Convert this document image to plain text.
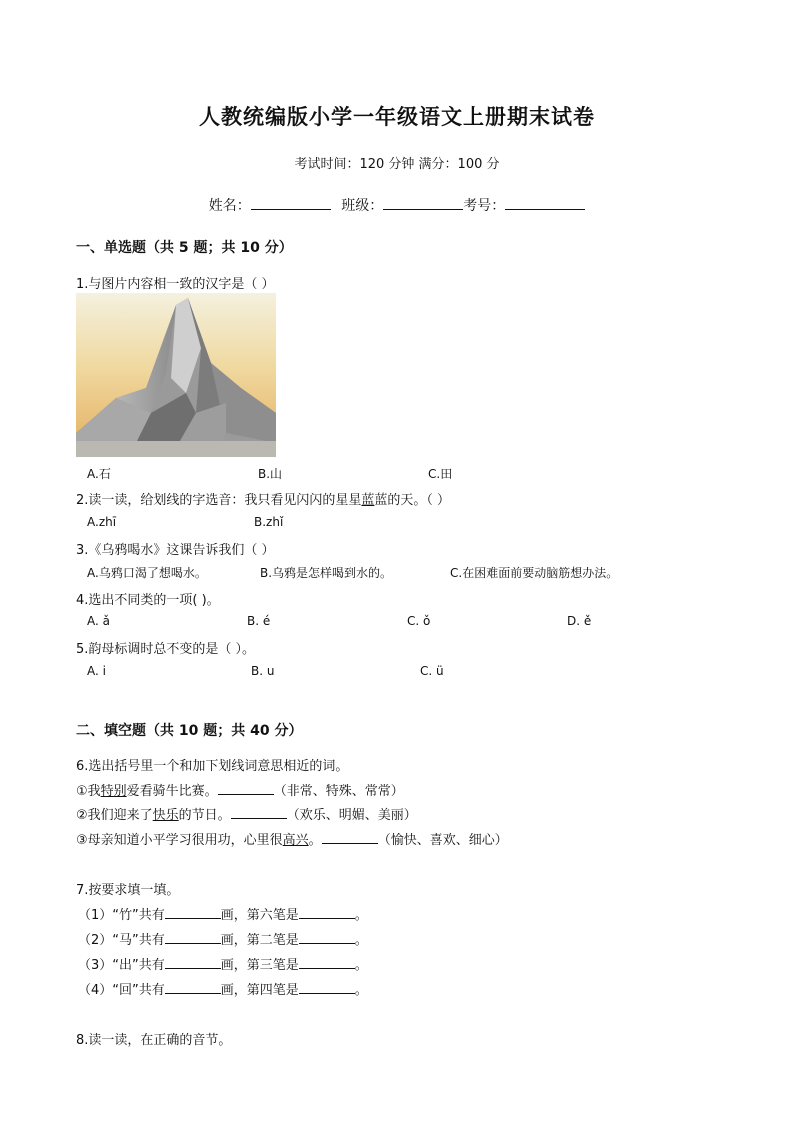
人教统编版小学一年级语文上册期末试卷
考试时间：120 分钟 满分：100 分
姓名：	班级：	考号：
一、单选题（共 5 题；共 10 分）
1.与图片内容相一致的汉字是（ ）
A.石	B.山	C.田
2.读一读，给划线的字选音：我只看见闪闪的星星蓝蓝的天。（ ）
A.zhī	B.zhǐ
3.《乌鸦喝水》这课告诉我们（ ）
A.乌鸦口渴了想喝水。	B.乌鸦是怎样喝到水的。	C.在困难面前要动脑筋想办法。
4.选出不同类的一项( )。
A. ǎ	B. é	C. ǒ	D. ě
5.韵母标调时总不变的是（ ）。
A. i	B. u	C. ü
二、填空题（共 10 题；共 40 分）
6.选出括号里一个和加下划线词意思相近的词。
①我特别爱看骑牛比赛。	（非常、特殊、常常）
②我们迎来了快乐的节日。	（欢乐、明媚、美丽）
③母亲知道小平学习很用功，心里很高兴。	（愉快、喜欢、细心）
7.按要求填一填。
（1）“竹”共有	画，第六笔是	。
（2）“马”共有	画，第二笔是	。
（3）“出”共有	画，第三笔是	。
（4）“回”共有	画，第四笔是	。
8.读一读，在正确的音节。
